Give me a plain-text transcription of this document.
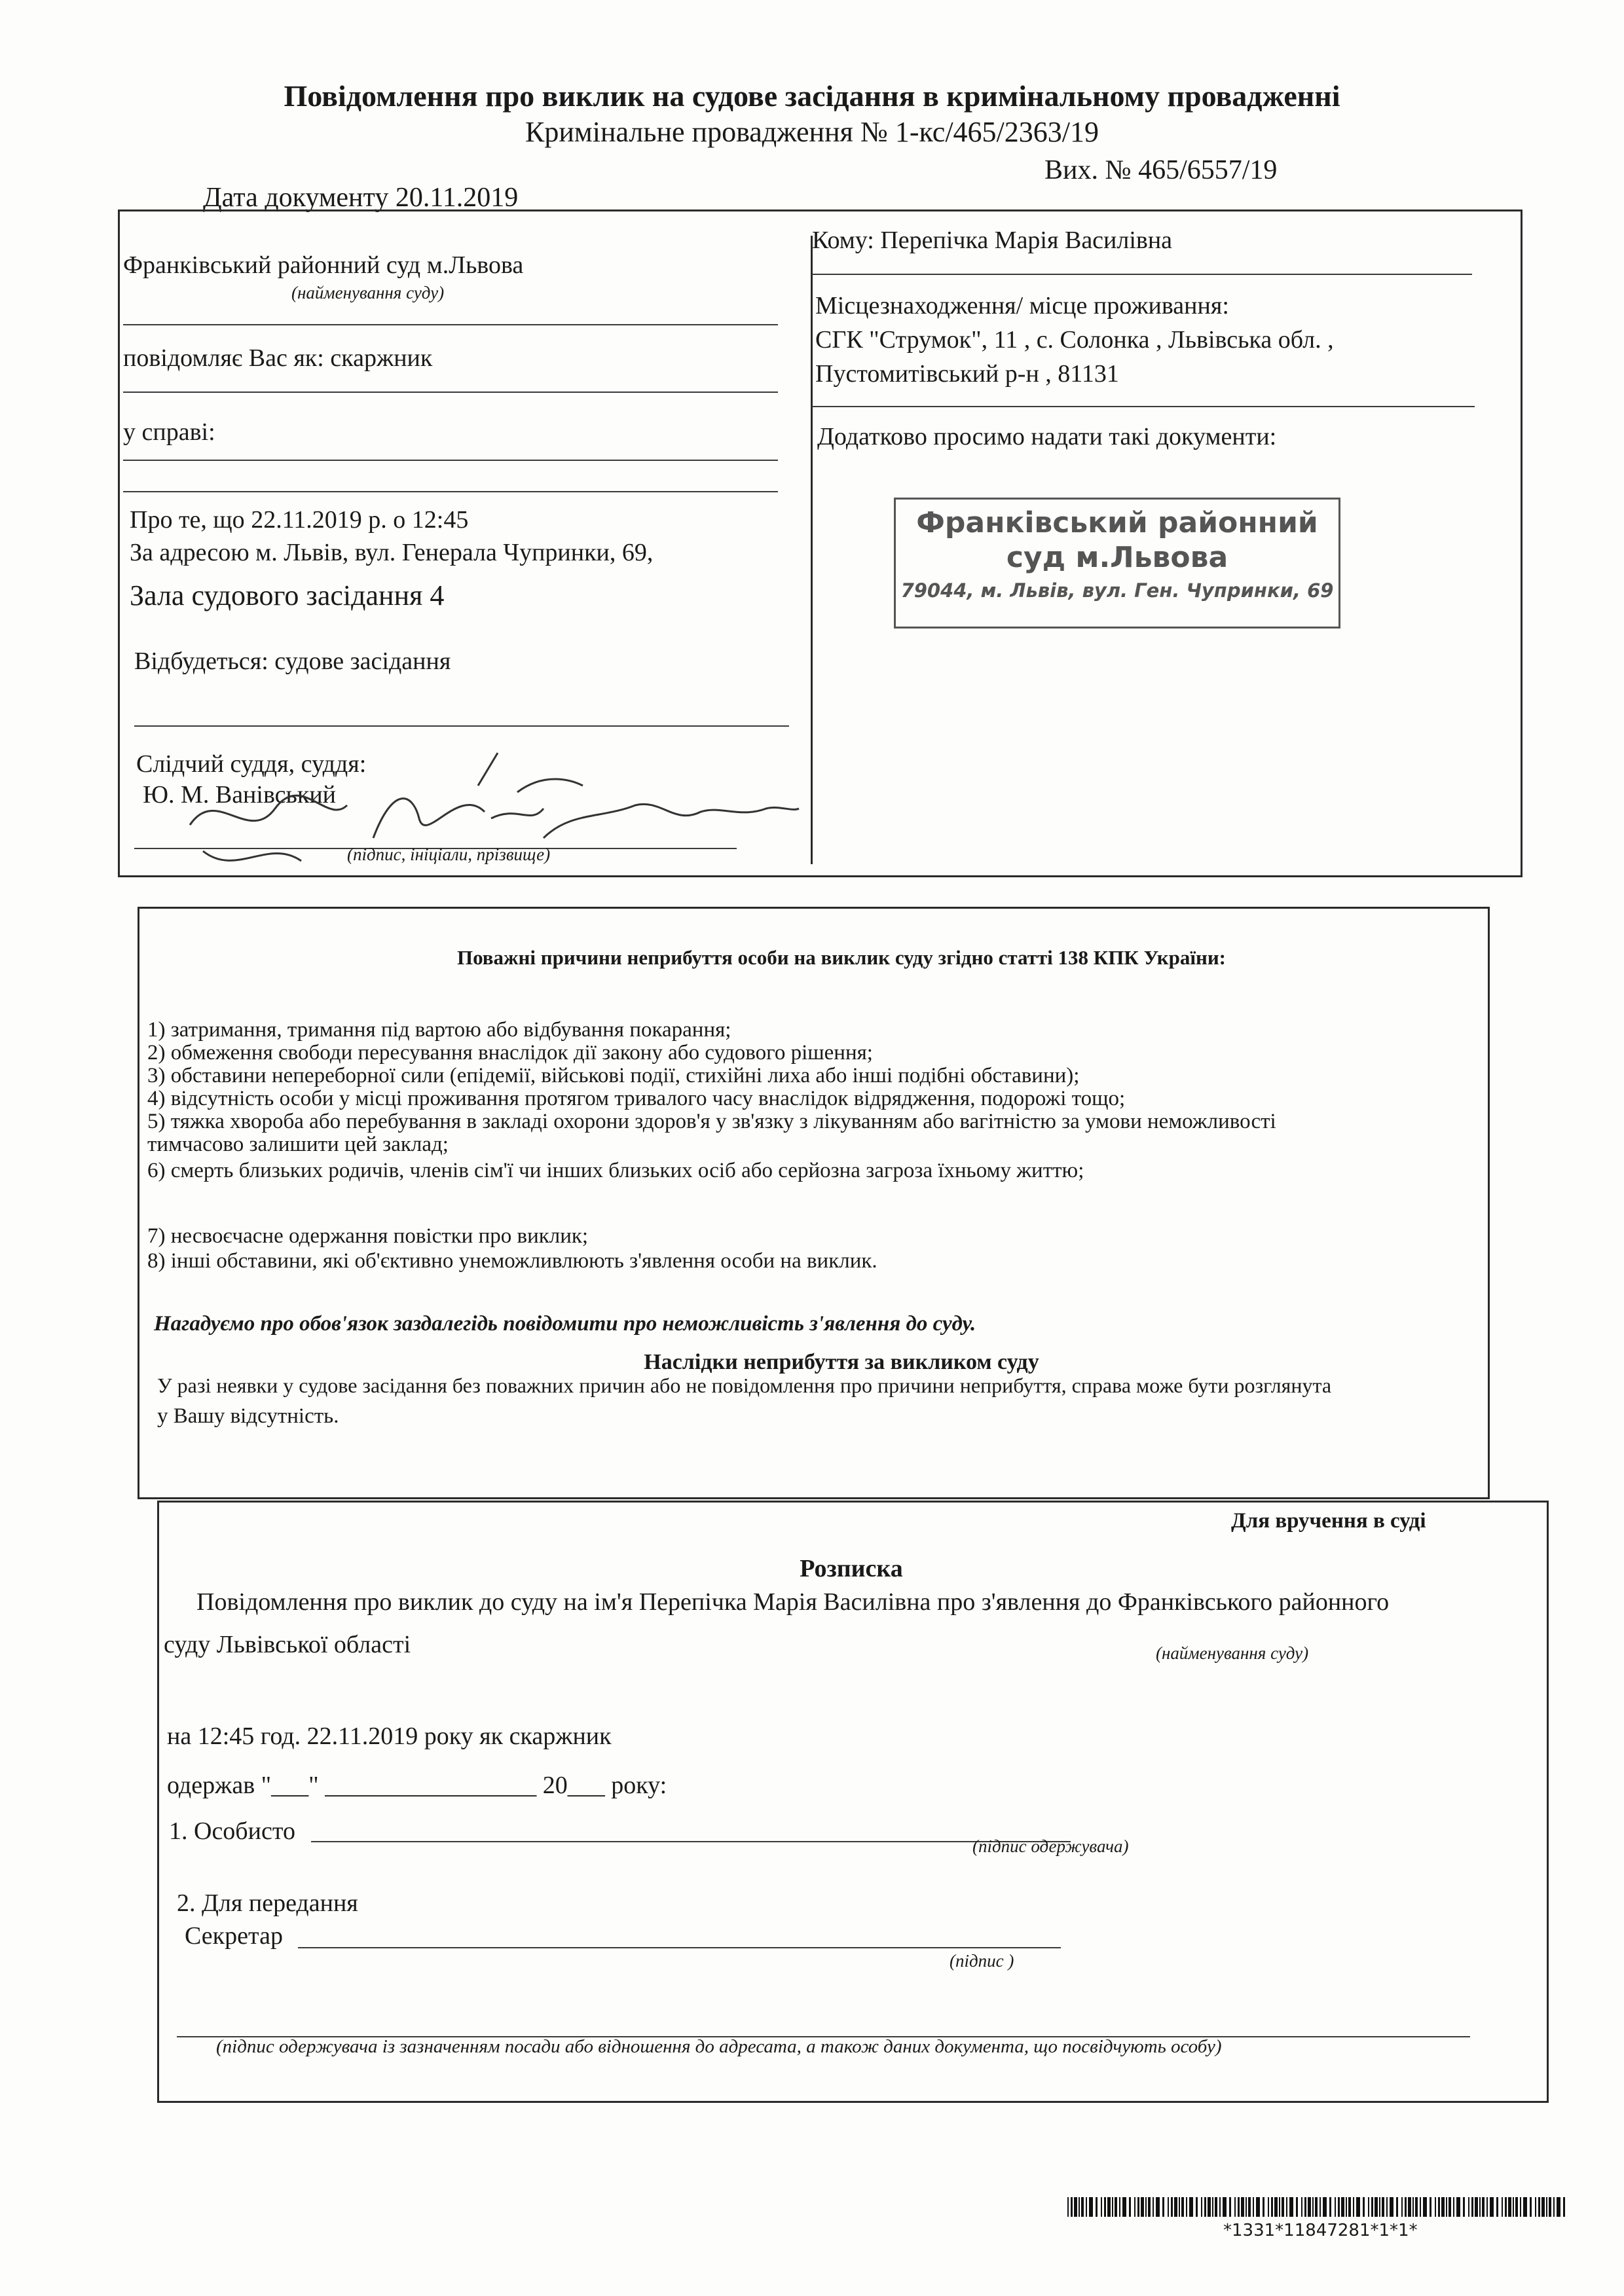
Повідомлення про виклик на судове засідання в кримінальному провадженні
Кримінальне провадження № 1-кс/465/2363/19
Дата документу 20.11.2019
Вих. № 465/6557/19
Франківський районний суд м.Львова
(найменування суду)
повідомляє Вас як: скаржник
у справі:
Про те, що 22.11.2019 р. о 12:45
За адресою м. Львів, вул. Генерала Чупринки, 69,
Зала судового засідання 4
Відбудеться: судове засідання
Слідчий суддя, суддя:
Ю. М. Ванівський
(підпис, ініціали, прізвище)
Кому: Перепічка Марія Василівна
Місцезнаходження/ місце проживання:
СГК "Струмок", 11 , с. Солонка , Львівська обл. ,
Пустомитівський р-н , 81131
Додатково просимо надати такі документи:
Франківський районний
суд м.Львова
79044, м. Львів, вул. Ген. Чупринки, 69
Поважні причини неприбуття особи на виклик суду згідно статті 138 КПК України:
1) затримання, тримання під вартою або відбування покарання;
2) обмеження свободи пересування внаслідок дії закону або судового рішення;
3) обставини непереборної сили (епідемії, військові події, стихійні лиха або інші подібні обставини);
4) відсутність особи у місці проживання протягом тривалого часу внаслідок відрядження, подорожі тощо;
5) тяжка хвороба або перебування в закладі охорони здоров'я у зв'язку з лікуванням або вагітністю за умови неможливості
тимчасово залишити цей заклад;
6) смерть близьких родичів, членів сім'ї чи інших близьких осіб або серйозна загроза їхньому життю;
7) несвоєчасне одержання повістки про виклик;
8) інші обставини, які об'єктивно унеможливлюють з'явлення особи на виклик.
Нагадуємо про обов'язок заздалегідь повідомити про неможливість з'явлення до суду.
Наслідки неприбуття за викликом суду
У разі неявки у судове засідання без поважних причин або не повідомлення про причини неприбуття, справа може бути розглянута
у Вашу відсутність.
Для вручення в суді
Розписка
Повідомлення про виклик до суду на ім'я Перепічка Марія Василівна про з'явлення до Франківського районного
суду Львівської області	(найменування суду)
на 12:45 год. 22.11.2019 року як скаржник
одержав "___" _________________ 20___ року:
1. Особисто
(підпис одержувача)
2. Для передання
Секретар
(підпис )
(підпис одержувача із зазначенням посади або відношення до адресата, а також даних документа, що посвідчують особу)
*1331*11847281*1*1*
